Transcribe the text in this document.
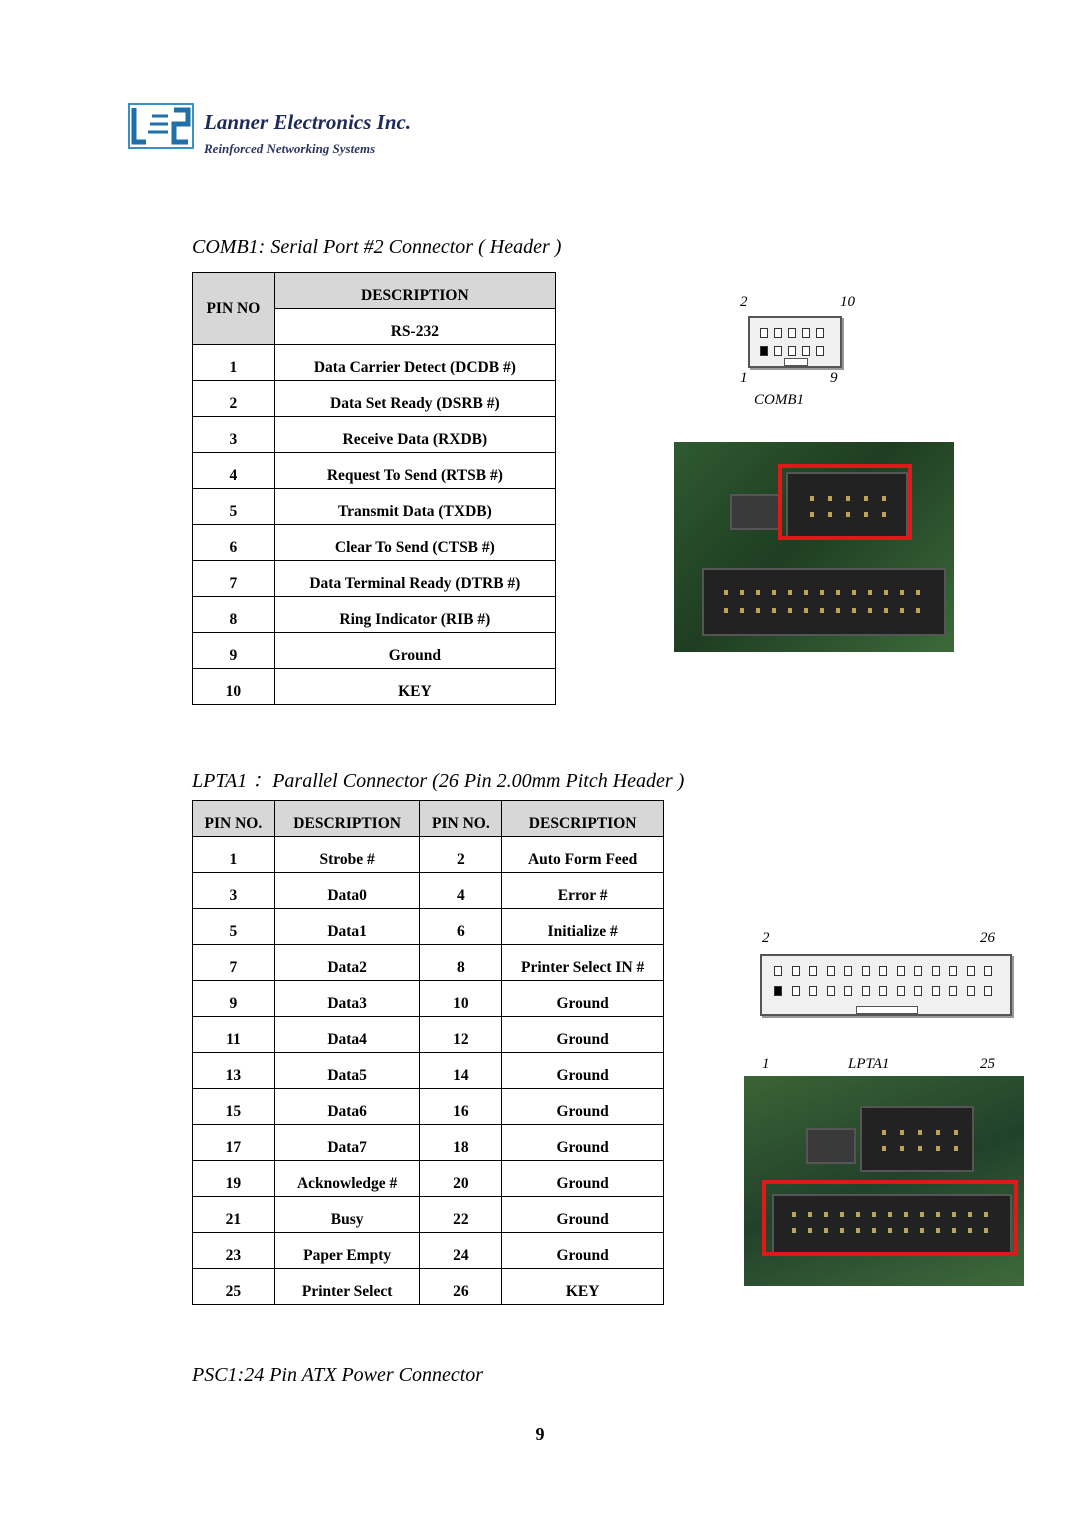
Lanner Electronics Inc.
Reinforced Networking Systems
COMB1: Serial Port #2 Connector ( Header )
PIN NO	DESCRIPTION
	RS-232
1	Data Carrier Detect (DCDB #)
2	Data Set Ready (DSRB #)
3	Receive Data (RXDB)
4	Request To Send (RTSB #)
5	Transmit Data (TXDB)
6	Clear To Send (CTSB #)
7	Data Terminal Ready (DTRB #)
8	Ring Indicator (RIB #)
9	Ground
10	KEY
2	10
1	9
COMB1
LPTA1 ：Parallel Connector (26 Pin 2.00mm Pitch Header )
PIN NO.	DESCRIPTION	PIN NO.	DESCRIPTION
1	Strobe #	2	Auto Form Feed
3	Data0	4	Error #
5	Data1	6	Initialize #
7	Data2	8	Printer Select IN #
9	Data3	10	Ground
11	Data4	12	Ground
13	Data5	14	Ground
15	Data6	16	Ground
17	Data7	18	Ground
19	Acknowledge #	20	Ground
21	Busy	22	Ground
23	Paper Empty	24	Ground
25	Printer Select	26	KEY
2	26
1	LPTA1	25
PSC1:24 Pin ATX Power Connector
9
